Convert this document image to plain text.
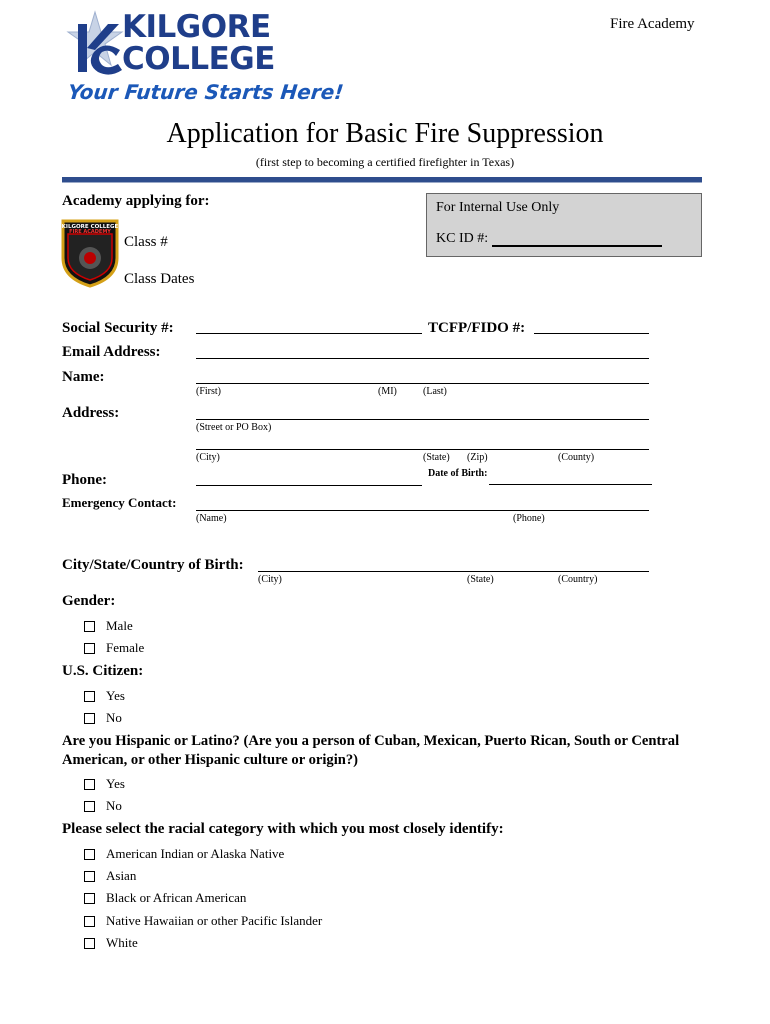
KILGORE
COLLEGE
Your Future Starts Here!
Fire Academy
Application for Basic Fire Suppression
(first step to becoming a certified firefighter in Texas)
Academy applying for:
KILGORE COLLEGE
FIRE ACADEMY
Class #
Class Dates
For Internal Use Only
KC ID #:
Social Security #:	TCFP/FIDO #:
Email Address:
Name:
(First)	(MI)	(Last)
Address:
(Street or PO Box)
(City)	(State) (Zip)	(County)
Date of Birth:
Phone:
Emergency Contact:
(Name)	(Phone)
City/State/Country of Birth:
(City)	(State)	(Country)
Gender:
Male
Female
U.S. Citizen:
Yes
No
Are you Hispanic or Latino? (Are you a person of Cuban, Mexican, Puerto Rican, South or Central
American, or other Hispanic culture or origin?)
Yes
No
Please select the racial category with which you most closely identify:
American Indian or Alaska Native
Asian
Black or African American
Native Hawaiian or other Pacific Islander
White
